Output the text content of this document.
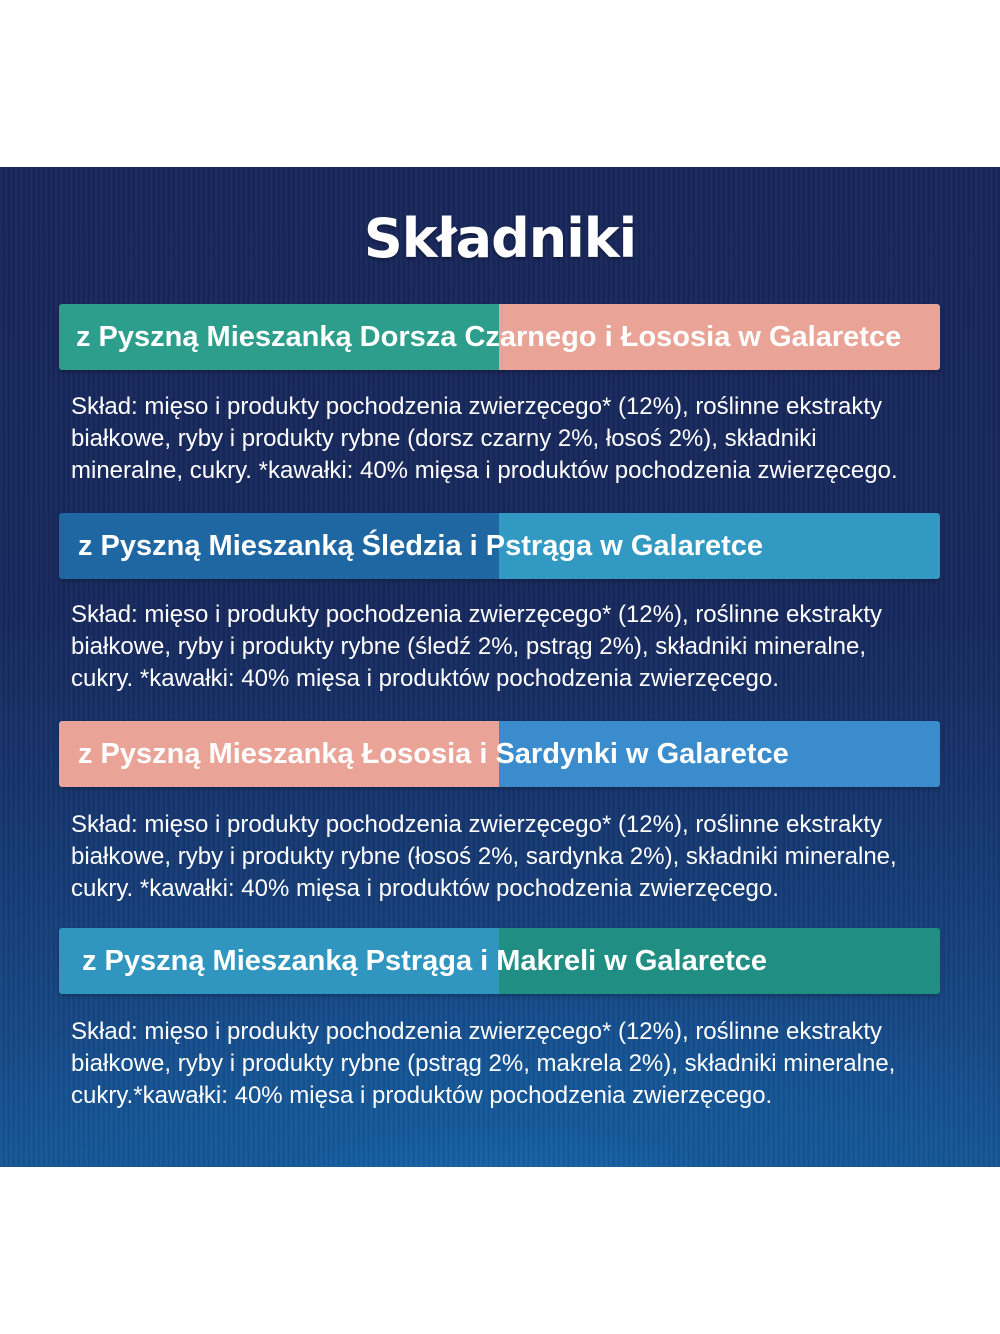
Składniki
z Pyszną Mieszanką Dorsza Czarnego i Łososia w Galaretce

Skład: mięso i produkty pochodzenia zwierzęcego* (12%), roślinne ekstrakty

białkowe, ryby i produkty rybne (dorsz czarny 2%, łosoś 2%), składniki

mineralne, cukry. *kawałki: 40% mięsa i produktów pochodzenia zwierzęcego.

z Pyszną Mieszanką Śledzia i Pstrąga w Galaretce

Skład: mięso i produkty pochodzenia zwierzęcego* (12%), roślinne ekstrakty

białkowe, ryby i produkty rybne (śledź 2%, pstrąg 2%), składniki mineralne,

cukry. *kawałki: 40% mięsa i produktów pochodzenia zwierzęcego.

z Pyszną Mieszanką Łososia i Sardynki w Galaretce

Skład: mięso i produkty pochodzenia zwierzęcego* (12%), roślinne ekstrakty

białkowe, ryby i produkty rybne (łosoś 2%, sardynka 2%), składniki mineralne,

cukry. *kawałki: 40% mięsa i produktów pochodzenia zwierzęcego.

z Pyszną Mieszanką Pstrąga i Makreli w Galaretce

Skład: mięso i produkty pochodzenia zwierzęcego* (12%), roślinne ekstrakty

białkowe, ryby i produkty rybne (pstrąg 2%, makrela 2%), składniki mineralne,

cukry.*kawałki: 40% mięsa i produktów pochodzenia zwierzęcego.
